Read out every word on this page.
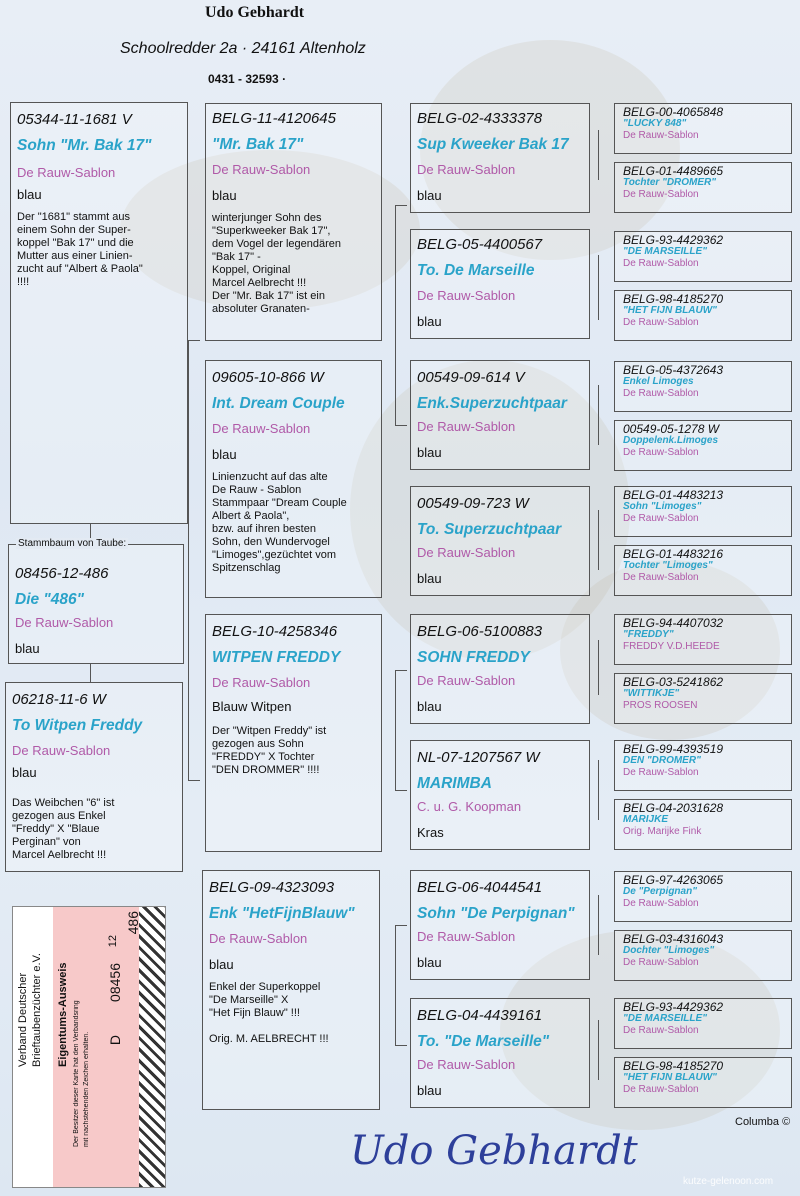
Udo Gebhardt
Schoolredder 2a · 24161 Altenholz
0431 - 32593 ·
05344-11-1681 V
Sohn "Mr. Bak 17"
De Rauw-Sablon
blau
Der "1681" stammt aus
einem Sohn der Super-
koppel "Bak 17" und die
Mutter aus einer Linien-
zucht auf "Albert & Paola"
!!!!
08456-12-486
Die "486"
De Rauw-Sablon
blau
Stammbaum von Taube:
06218-11-6 W
To Witpen Freddy
De Rauw-Sablon
blau
Das Weibchen "6" ist
gezogen aus Enkel
"Freddy" X "Blaue
Perginan" von
Marcel Aelbrecht !!!
BELG-11-4120645
"Mr. Bak 17"
De Rauw-Sablon
blau
winterjunger Sohn des
"Superkweeker Bak 17",
dem Vogel der legendären
"Bak 17" -
Koppel, Original
Marcel Aelbrecht !!!
Der "Mr. Bak 17" ist ein
absoluter Granaten-
09605-10-866 W
Int. Dream Couple
De Rauw-Sablon
blau
Linienzucht auf das alte
De Rauw - Sablon
Stammpaar "Dream Couple
Albert & Paola",
bzw. auf ihren besten
Sohn, den Wundervogel
"Limoges",gezüchtet vom
Spitzenschlag
BELG-10-4258346
WITPEN FREDDY
De Rauw-Sablon
Blauw Witpen
Der "Witpen Freddy" ist
gezogen aus Sohn
"FREDDY" X Tochter
"DEN DROMMER" !!!!
BELG-09-4323093
Enk "HetFijnBlauw"
De Rauw-Sablon
blau
Enkel der Superkoppel
"De Marseille" X
"Het Fijn Blauw" !!!

Orig. M. AELBRECHT !!!
BELG-02-4333378
Sup Kweeker Bak 17
De Rauw-Sablon
blau
BELG-05-4400567
To. De Marseille
De Rauw-Sablon
blau
00549-09-614 V
Enk.Superzuchtpaar
De Rauw-Sablon
blau
00549-09-723 W
To. Superzuchtpaar
De Rauw-Sablon
blau
BELG-06-5100883
SOHN FREDDY
De Rauw-Sablon
blau
NL-07-1207567 W
MARIMBA
C. u. G. Koopman
Kras
BELG-06-4044541
Sohn "De Perpignan"
De Rauw-Sablon
blau
BELG-04-4439161
To. "De Marseille"
De Rauw-Sablon
blau
BELG-00-4065848
"LUCKY 848"
De Rauw-Sablon
BELG-01-4489665
Tochter "DROMER"
De Rauw-Sablon
BELG-93-4429362
"DE MARSEILLE"
De Rauw-Sablon
BELG-98-4185270
"HET FIJN BLAUW"
De Rauw-Sablon
BELG-05-4372643
Enkel Limoges
De Rauw-Sablon
00549-05-1278 W
Doppelenk.Limoges
De Rauw-Sablon
BELG-01-4483213
Sohn "Limoges"
De Rauw-Sablon
BELG-01-4483216
Tochter "Limoges"
De Rauw-Sablon
BELG-94-4407032
"FREDDY"
FREDDY V.D.HEEDE
BELG-03-5241862
"WITTIKJE"
PROS ROOSEN
BELG-99-4393519
DEN "DROMER"
De Rauw-Sablon
BELG-04-2031628
MARIJKE
Orig. Marijke Fink
BELG-97-4263065
De "Perpignan"
De Rauw-Sablon
BELG-03-4316043
Dochter "Limoges"
De Rauw-Sablon
BELG-93-4429362
"DE MARSEILLE"
De Rauw-Sablon
BELG-98-4185270
"HET FIJN BLAUW"
De Rauw-Sablon
Verband Deutscher Brieftaubenzüchter e.V. Eigentums-Ausweis Der Besitzer dieser Karte hat den Verbandsring mit nachstehenden Zeichen erhalten. D
08456
12
486
Columba ©
Udo Gebhardt
kutze-gelenoon.com
